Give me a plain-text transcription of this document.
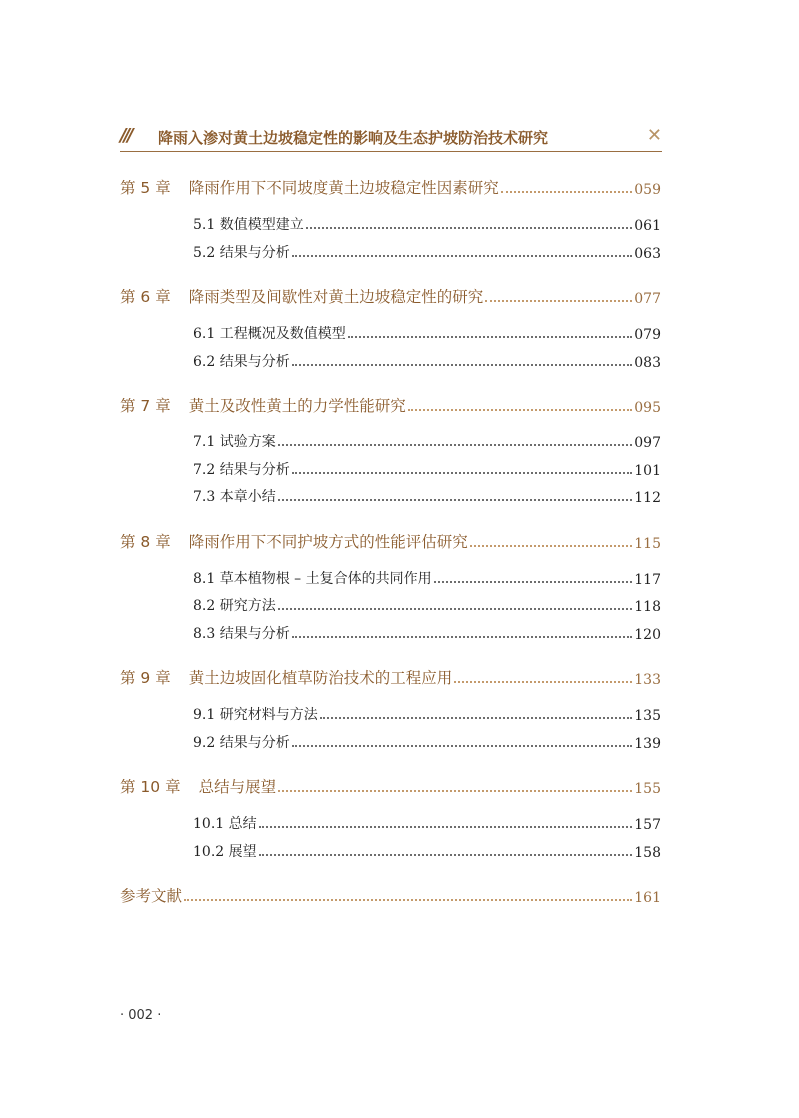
/// 降雨入渗对黄土边坡稳定性的影响及生态护坡防治技术研究	✕
第 5 章 降雨作用下不同坡度黄土边坡稳定性因素研究	059
5.1 数值模型建立	061
5.2 结果与分析	063
第 6 章 降雨类型及间歇性对黄土边坡稳定性的研究	077
6.1 工程概况及数值模型	079
6.2 结果与分析	083
第 7 章 黄土及改性黄土的力学性能研究	095
7.1 试验方案	097
7.2 结果与分析	101
7.3 本章小结	112
第 8 章 降雨作用下不同护坡方式的性能评估研究	115
8.1 草本植物根 – 土复合体的共同作用	117
8.2 研究方法	118
8.3 结果与分析	120
第 9 章 黄土边坡固化植草防治技术的工程应用	133
9.1 研究材料与方法	135
9.2 结果与分析	139
第 10 章 总结与展望	155
10.1 总结	157
10.2 展望	158
参考文献	161
· 002 ·
